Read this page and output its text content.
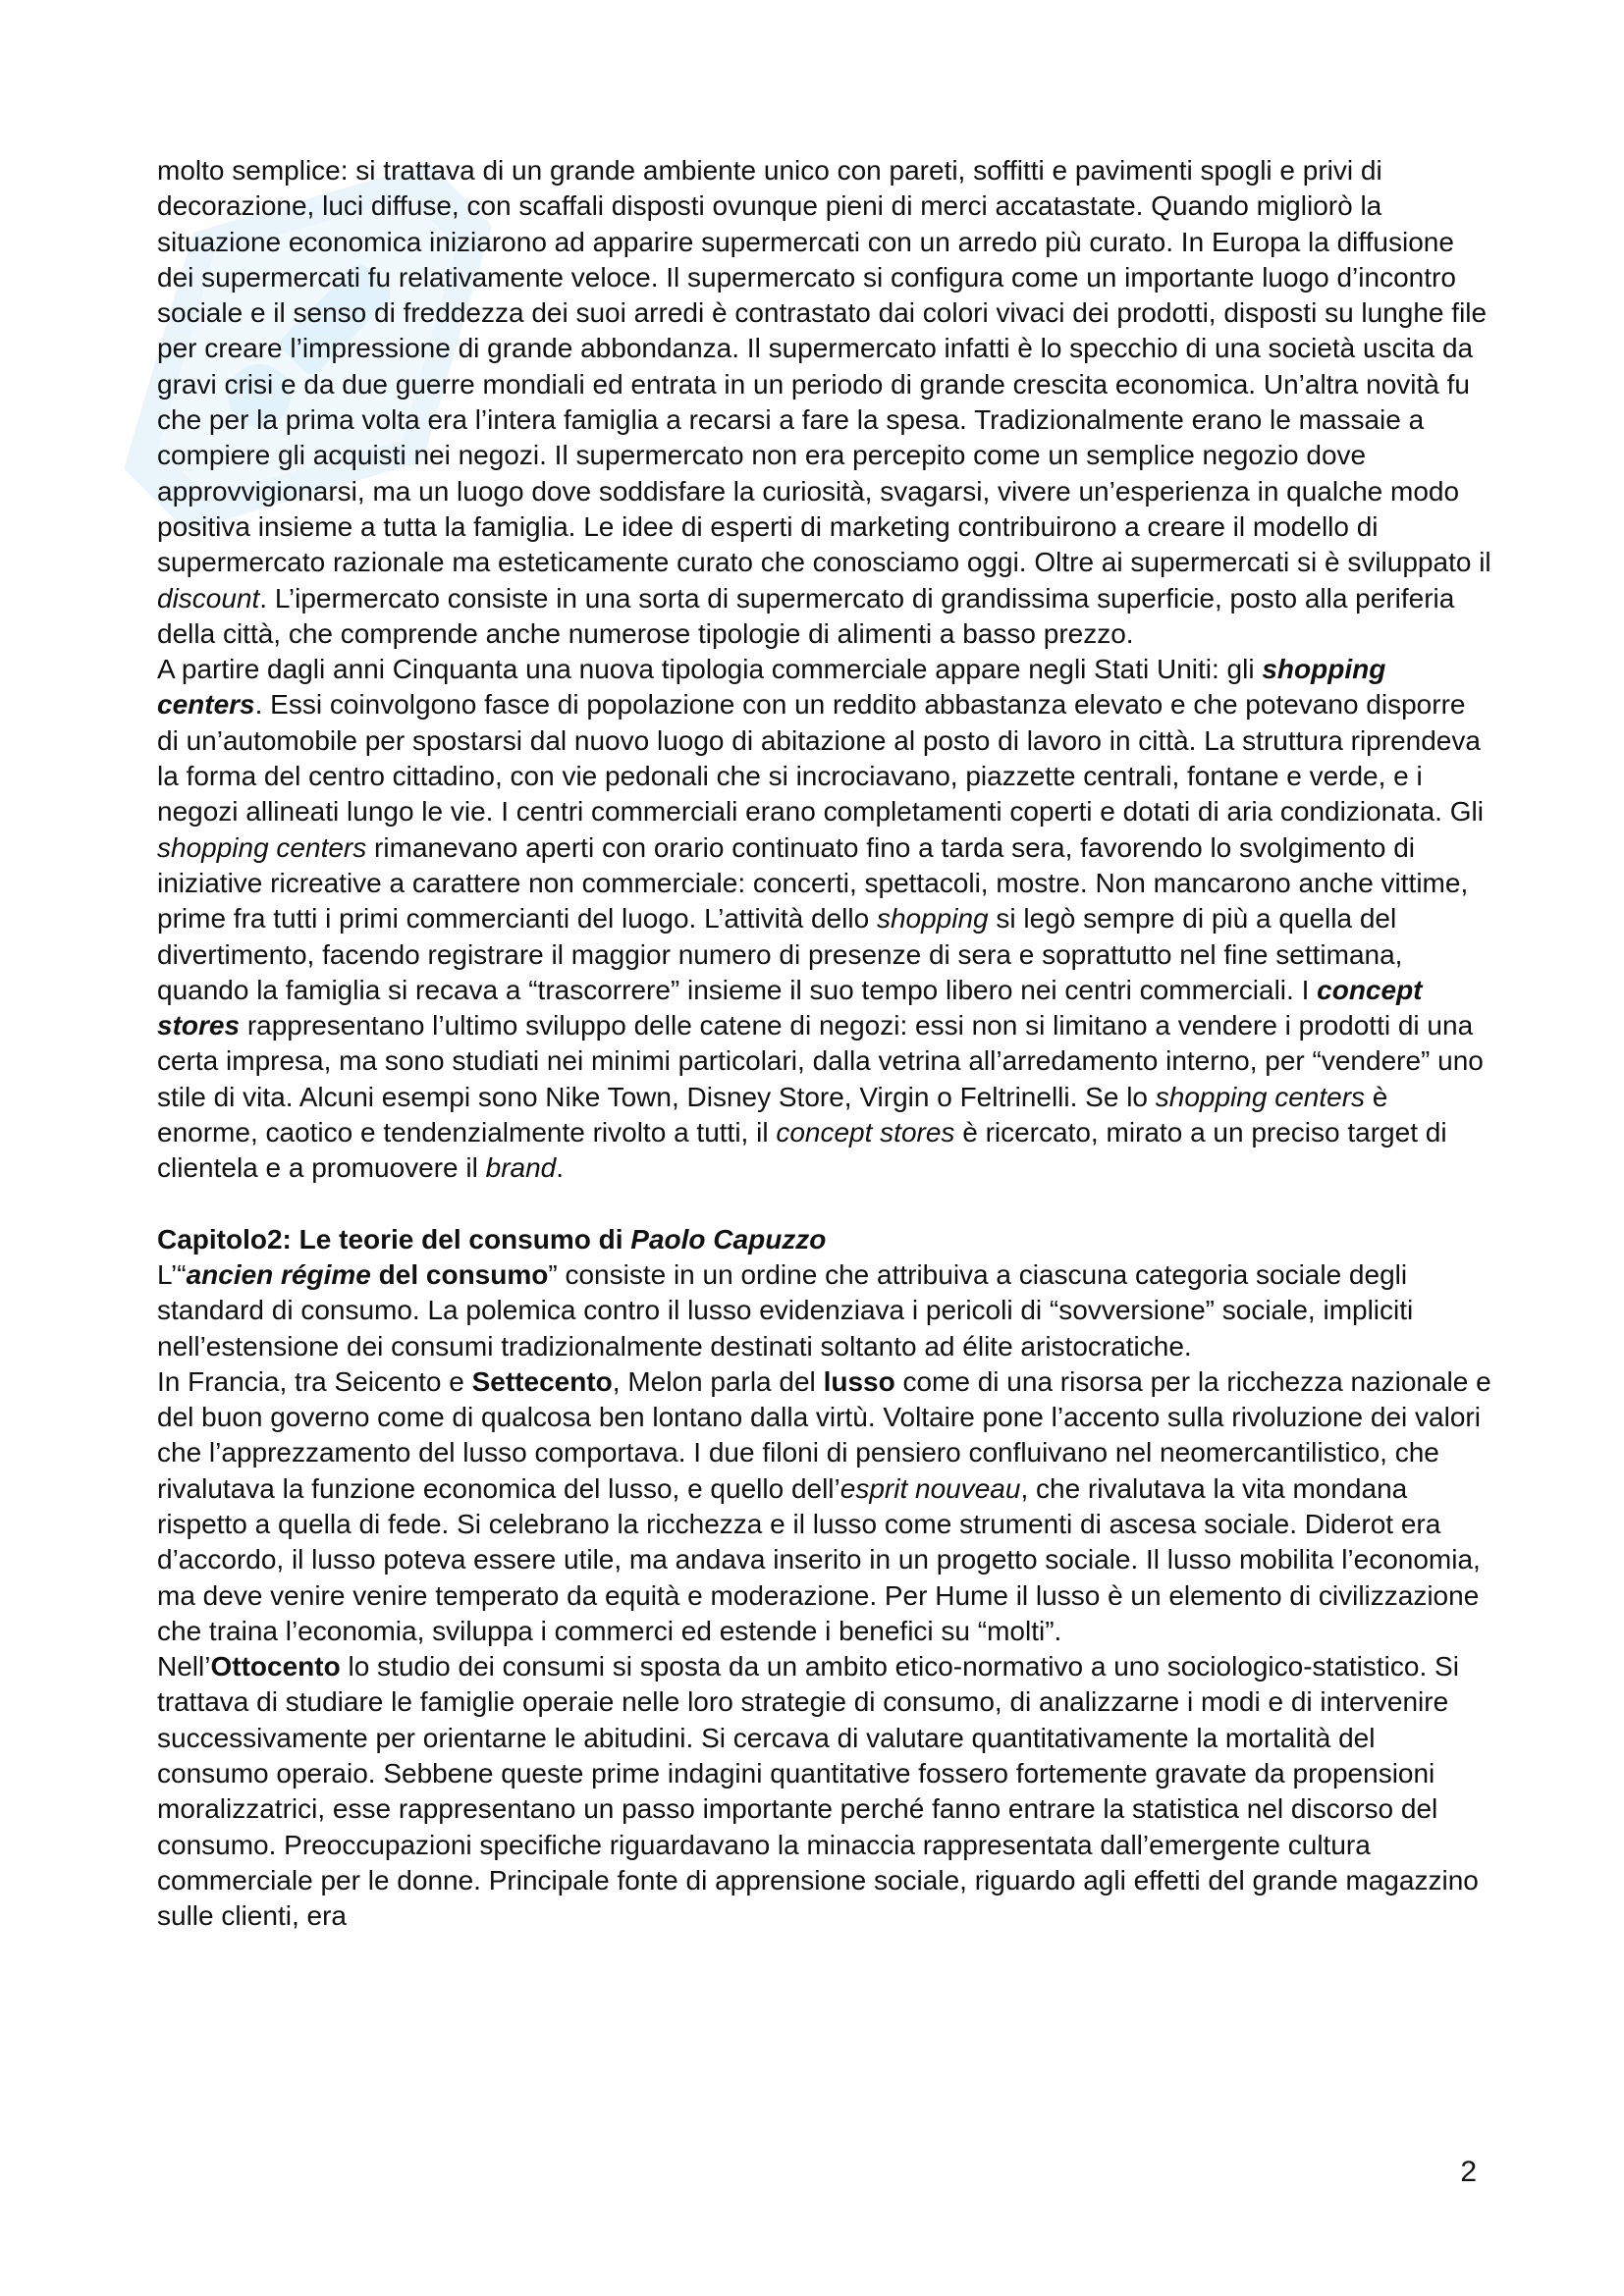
molto semplice: si trattava di un grande ambiente unico con pareti, soffitti e pavimenti spogli e privi di decorazione, luci diffuse, con scaffali disposti ovunque pieni di merci accatastate. Quando migliorò la situazione economica iniziarono ad apparire supermercati con un arredo più curato. In Europa la diffusione dei supermercati fu relativamente veloce. Il supermercato si configura come un importante luogo d’incontro sociale e il senso di freddezza dei suoi arredi è contrastato dai colori vivaci dei prodotti, disposti su lunghe file per creare l’impressione di grande abbondanza. Il supermercato infatti è lo specchio di una società uscita da gravi crisi e da due guerre mondiali ed entrata in un periodo di grande crescita economica. Un’altra novità fu che per la prima volta era l’intera famiglia a recarsi a fare la spesa. Tradizionalmente erano le massaie a compiere gli acquisti nei negozi. Il supermercato non era percepito come un semplice negozio dove approvvigionarsi, ma un luogo dove soddisfare la curiosità, svagarsi, vivere un’esperienza in qualche modo positiva insieme a tutta la famiglia. Le idee di esperti di marketing contribuirono a creare il modello di supermercato razionale ma esteticamente curato che conosciamo oggi. Oltre ai supermercati si è sviluppato il discount. L’ipermercato consiste in una sorta di supermercato di grandissima superficie, posto alla periferia della città, che comprende anche numerose tipologie di alimenti a basso prezzo.

A partire dagli anni Cinquanta una nuova tipologia commerciale appare negli Stati Uniti: gli shopping centers. Essi coinvolgono fasce di popolazione con un reddito abbastanza elevato e che potevano disporre di un’automobile per spostarsi dal nuovo luogo di abitazione al posto di lavoro in città. La struttura riprendeva la forma del centro cittadino, con vie pedonali che si incrociavano, piazzette centrali, fontane e verde, e i negozi allineati lungo le vie. I centri commerciali erano completamenti coperti e dotati di aria condizionata. Gli shopping centers rimanevano aperti con orario continuato fino a tarda sera, favorendo lo svolgimento di iniziative ricreative a carattere non commerciale: concerti, spettacoli, mostre. Non mancarono anche vittime, prime fra tutti i primi commercianti del luogo. L’attività dello shopping si legò sempre di più a quella del divertimento, facendo registrare il maggior numero di presenze di sera e soprattutto nel fine settimana, quando la famiglia si recava a “trascorrere” insieme il suo tempo libero nei centri commerciali. I concept stores rappresentano l’ultimo sviluppo delle catene di negozi: essi non si limitano a vendere i prodotti di una certa impresa, ma sono studiati nei minimi particolari, dalla vetrina all’arredamento interno, per “vendere” uno stile di vita. Alcuni esempi sono Nike Town, Disney Store, Virgin o Feltrinelli. Se lo shopping centers è enorme, caotico e tendenzialmente rivolto a tutti, il concept stores è ricercato, mirato a un preciso target di clientela e a promuovere il brand.

Capitolo2: Le teorie del consumo di Paolo Capuzzo

L’“ancien régime del consumo” consiste in un ordine che attribuiva a ciascuna categoria sociale degli standard di consumo. La polemica contro il lusso evidenziava i pericoli di “sovversione” sociale, impliciti nell’estensione dei consumi tradizionalmente destinati soltanto ad élite aristocratiche.

In Francia, tra Seicento e Settecento, Melon parla del lusso come di una risorsa per la ricchezza nazionale e del buon governo come di qualcosa ben lontano dalla virtù. Voltaire pone l’accento sulla rivoluzione dei valori che l’apprezzamento del lusso comportava. I due filoni di pensiero confluivano nel neomercantilistico, che rivalutava la funzione economica del lusso, e quello dell’esprit nouveau, che rivalutava la vita mondana rispetto a quella di fede. Si celebrano la ricchezza e il lusso come strumenti di ascesa sociale. Diderot era d’accordo, il lusso poteva essere utile, ma andava inserito in un progetto sociale. Il lusso mobilita l’economia, ma deve venire venire temperato da equità e moderazione. Per Hume il lusso è un elemento di civilizzazione che traina l’economia, sviluppa i commerci ed estende i benefici su “molti”.

Nell’Ottocento lo studio dei consumi si sposta da un ambito etico-normativo a uno sociologico-statistico. Si trattava di studiare le famiglie operaie nelle loro strategie di consumo, di analizzarne i modi e di intervenire successivamente per orientarne le abitudini. Si cercava di valutare quantitativamente la mortalità del consumo operaio. Sebbene queste prime indagini quantitative fossero fortemente gravate da propensioni moralizzatrici, esse rappresentano un passo importante perché fanno entrare la statistica nel discorso del consumo. Preoccupazioni specifiche riguardavano la minaccia rappresentata dall’emergente cultura commerciale per le donne. Principale fonte di apprensione sociale, riguardo agli effetti del grande magazzino sulle clienti, era

2
